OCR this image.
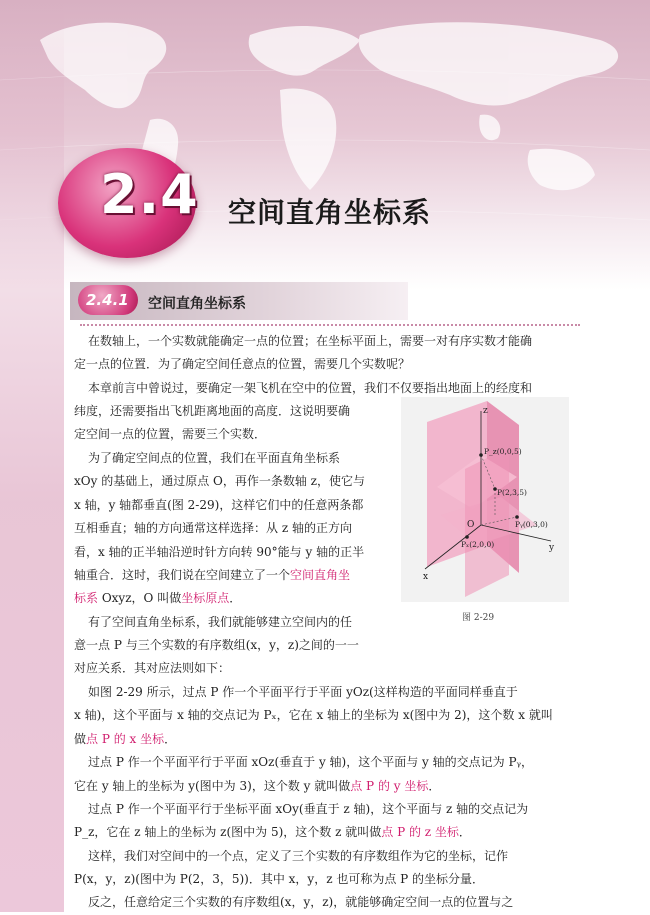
2.4 空间直角坐标系
2.4.1 空间直角坐标系
在数轴上，一个实数就能确定一点的位置；在坐标平面上，需要一对有序实数才能确
定一点的位置．为了确定空间任意点的位置，需要几个实数呢？
本章前言中曾说过，要确定一架飞机在空中的位置，我们不仅要指出地面上的经度和
纬度，还需要指出飞机距离地面的高度．这说明要确
定空间一点的位置，需要三个实数．
为了确定空间点的位置，我们在平面直角坐标系
xOy 的基础上，通过原点 O，再作一条数轴 z，使它与
x 轴，y 轴都垂直(图 2-29)，这样它们中的任意两条都
互相垂直；轴的方向通常这样选择：从 z 轴的正方向
看，x 轴的正半轴沿逆时针方向转 90°能与 y 轴的正半
轴重合．这时，我们说在空间建立了一个空间直角坐
标系 Oxyz，O 叫做坐标原点．
有了空间直角坐标系，我们就能够建立空间内的任
意一点 P 与三个实数的有序数组(x，y，z)之间的一一
对应关系．其对应法则如下：
如图 2-29 所示，过点 P 作一个平面平行于平面 yOz(这样构造的平面同样垂直于
x 轴)，这个平面与 x 轴的交点记为 Pₓ，它在 x 轴上的坐标为 x(图中为 2)，这个数 x 就叫
做点 P 的 x 坐标．
过点 P 作一个平面平行于平面 xOz(垂直于 y 轴)，这个平面与 y 轴的交点记为 Pᵧ，
它在 y 轴上的坐标为 y(图中为 3)，这个数 y 就叫做点 P 的 y 坐标．
过点 P 作一个平面平行于坐标平面 xOy(垂直于 z 轴)，这个平面与 z 轴的交点记为
P_z，它在 z 轴上的坐标为 z(图中为 5)，这个数 z 就叫做点 P 的 z 坐标．
z
y
x
O
P_z(0,0,5)
P(2,3,5)
Pᵧ(0,3,0)
Pₓ(2,0,0)
图 2-29
这样，我们对空间中的一个点，定义了三个实数的有序数组作为它的坐标，记作
P(x，y，z)(图中为 P(2，3，5))．其中 x，y，z 也可称为点 P 的坐标分量．
反之，任意给定三个实数的有序数组(x，y，z)，就能够确定空间一点的位置与之
